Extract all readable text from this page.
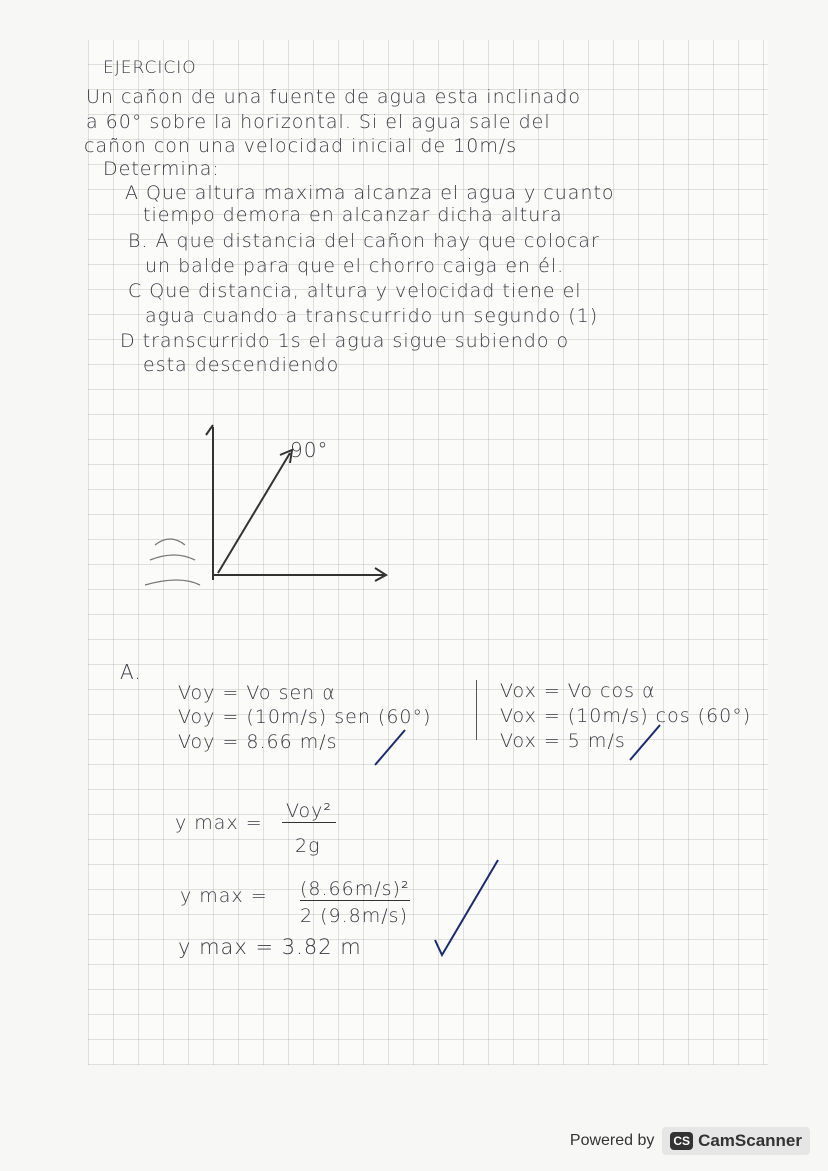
EJERCICIO
Un cañon de una fuente de agua esta inclinado
a 60° sobre la horizontal. Si el agua sale del
cañon con una velocidad inicial de 10m/s
Determina:
A Que altura maxima alcanza el agua y cuanto
tiempo demora en alcanzar dicha altura
B. A que distancia del cañon hay que colocar
un balde para que el chorro caiga en él.
C Que distancia, altura y velocidad tiene el
agua cuando a transcurrido un segundo (1)
D transcurrido 1s el agua sigue subiendo o
esta descendiendo
90°
A.
Voy = Vo sen α
Voy = (10m/s) sen (60°)
Voy = 8.66 m/s
Vox = Vo cos α
Vox = (10m/s) cos (60°)
Vox = 5 m/s
y max =
Voy²
2g
y max = (8.66m/s)²
2 (9.8m/s)
y max = 3.82 m
Powered by CS CamScanner
